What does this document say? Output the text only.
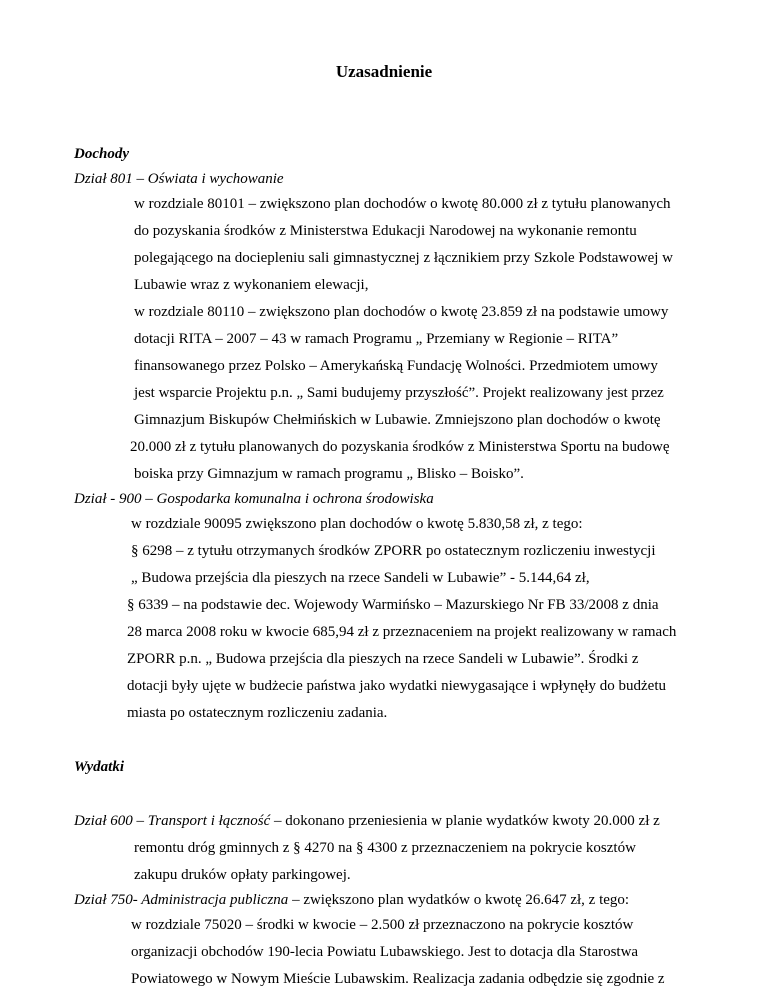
Uzasadnienie
Dochody
Dział 801 – Oświata i wychowanie
w rozdziale 80101 – zwiększono plan dochodów o kwotę 80.000 zł z tytułu planowanych
do pozyskania środków z Ministerstwa Edukacji Narodowej na wykonanie remontu
polegającego na dociepleniu sali gimnastycznej z łącznikiem przy Szkole Podstawowej w
Lubawie wraz z wykonaniem elewacji,
w rozdziale 80110 – zwiększono plan dochodów o kwotę 23.859 zł na podstawie umowy
dotacji RITA – 2007 – 43 w ramach Programu „ Przemiany w Regionie – RITA”
finansowanego przez Polsko – Amerykańską Fundację Wolności. Przedmiotem umowy
jest wsparcie Projektu p.n. „ Sami budujemy przyszłość”. Projekt realizowany jest przez
Gimnazjum Biskupów Chełmińskich w Lubawie. Zmniejszono plan dochodów o kwotę
20.000 zł z tytułu planowanych do pozyskania środków z Ministerstwa Sportu na budowę
boiska przy Gimnazjum w ramach programu „ Blisko – Boisko”.
Dział - 900 – Gospodarka komunalna i ochrona środowiska
w rozdziale 90095 zwiększono plan dochodów o kwotę 5.830,58 zł, z tego:
§ 6298 – z tytułu otrzymanych środków ZPORR po ostatecznym rozliczeniu inwestycji
„ Budowa przejścia dla pieszych na rzece Sandeli w Lubawie” - 5.144,64 zł,
§ 6339 – na podstawie dec. Wojewody Warmińsko – Mazurskiego Nr FB 33/2008 z dnia
28 marca 2008 roku w kwocie 685,94 zł z przeznaceniem na projekt realizowany w ramach
ZPORR p.n. „ Budowa przejścia dla pieszych na rzece Sandeli w Lubawie”. Środki z
dotacji były ujęte w budżecie państwa jako wydatki niewygasające i wpłynęły do budżetu
miasta po ostatecznym rozliczeniu zadania.
Wydatki
Dział 600 – Transport i łączność – dokonano przeniesienia w planie wydatków kwoty 20.000 zł z
remontu dróg gminnych z § 4270 na § 4300 z przeznaczeniem na pokrycie kosztów
zakupu druków opłaty parkingowej.
Dział 750- Administracja publiczna – zwiększono plan wydatków o kwotę 26.647 zł, z tego:
w rozdziale 75020 – środki w kwocie – 2.500 zł przeznaczono na pokrycie kosztów
organizacji obchodów 190-lecia Powiatu Lubawskiego. Jest to dotacja dla Starostwa
Powiatowego w Nowym Mieście Lubawskim. Realizacja zadania odbędzie się zgodnie z
